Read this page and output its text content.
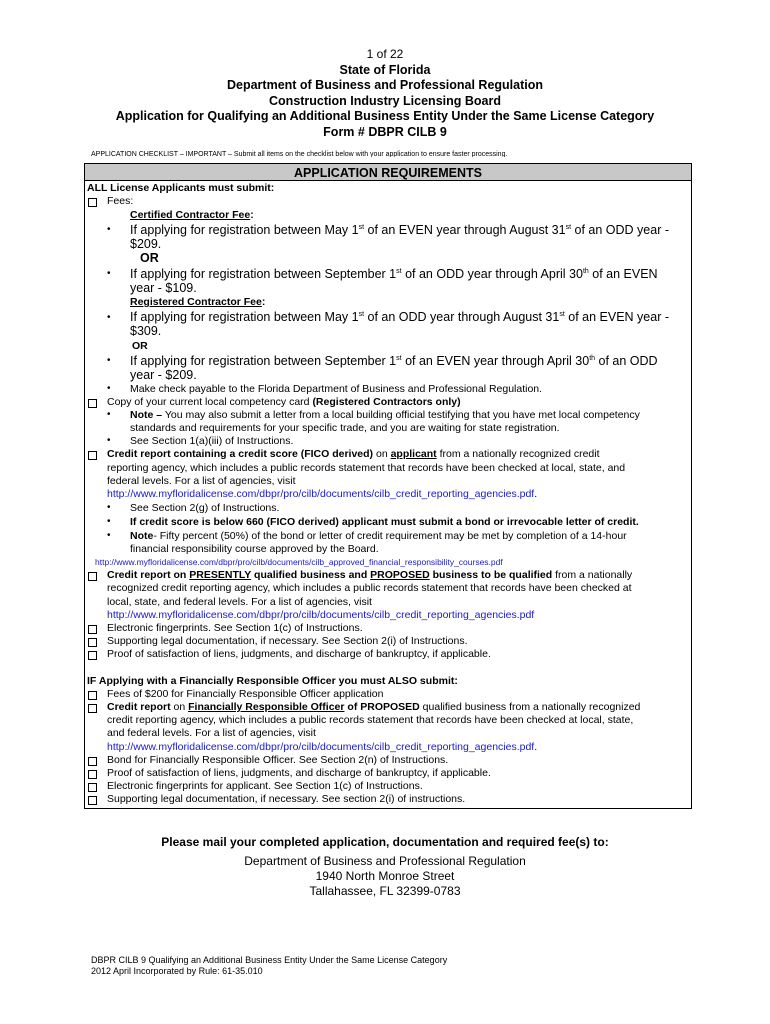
1 of 22
State of Florida
Department of Business and Professional Regulation
Construction Industry Licensing Board
Application for Qualifying an Additional Business Entity Under the Same License Category
Form # DBPR CILB 9
APPLICATION CHECKLIST – IMPORTANT – Submit all items on the checklist below with your application to ensure faster processing.
APPLICATION REQUIREMENTS
ALL License Applicants must submit:
Fees:
Certified Contractor Fee:
• If applying for registration between May 1st of an EVEN year through August 31st of an ODD year -
$209.
OR
• If applying for registration between September 1st of an ODD year through April 30th of an EVEN
year - $109.
Registered Contractor Fee:
• If applying for registration between May 1st of an ODD year through August 31st of an EVEN year -
$309.
OR
• If applying for registration between September 1st of an EVEN year through April 30th of an ODD
year - $209.
• Make check payable to the Florida Department of Business and Professional Regulation.
Copy of your current local competency card (Registered Contractors only)
• Note – You may also submit a letter from a local building official testifying that you have met local competency
standards and requirements for your specific trade, and you are waiting for state registration.
• See Section 1(a)(iii) of Instructions.
Credit report containing a credit score (FICO derived) on applicant from a nationally recognized credit
reporting agency, which includes a public records statement that records have been checked at local, state, and
federal levels. For a list of agencies, visit
http://www.myfloridalicense.com/dbpr/pro/cilb/documents/cilb_credit_reporting_agencies.pdf.
• See Section 2(g) of Instructions.
• If credit score is below 660 (FICO derived) applicant must submit a bond or irrevocable letter of credit.
• Note- Fifty percent (50%) of the bond or letter of credit requirement may be met by completion of a 14-hour
financial responsibility course approved by the Board.
http://www.myfloridalicense.com/dbpr/pro/cilb/documents/cilb_approved_financial_responsibility_courses.pdf
Credit report on PRESENTLY qualified business and PROPOSED business to be qualified from a nationally
recognized credit reporting agency, which includes a public records statement that records have been checked at
local, state, and federal levels. For a list of agencies, visit
http://www.myfloridalicense.com/dbpr/pro/cilb/documents/cilb_credit_reporting_agencies.pdf
Electronic fingerprints. See Section 1(c) of Instructions.
Supporting legal documentation, if necessary. See Section 2(i) of Instructions.
Proof of satisfaction of liens, judgments, and discharge of bankruptcy, if applicable.
IF Applying with a Financially Responsible Officer you must ALSO submit:
Fees of $200 for Financially Responsible Officer application
Credit report on Financially Responsible Officer of PROPOSED qualified business from a nationally recognized
credit reporting agency, which includes a public records statement that records have been checked at local, state,
and federal levels. For a list of agencies, visit
http://www.myfloridalicense.com/dbpr/pro/cilb/documents/cilb_credit_reporting_agencies.pdf.
Bond for Financially Responsible Officer. See Section 2(n) of Instructions.
Proof of satisfaction of liens, judgments, and discharge of bankruptcy, if applicable.
Electronic fingerprints for applicant. See Section 1(c) of Instructions.
Supporting legal documentation, if necessary. See section 2(i) of instructions.
Please mail your completed application, documentation and required fee(s) to:
Department of Business and Professional Regulation
1940 North Monroe Street
Tallahassee, FL 32399-0783
DBPR CILB 9 Qualifying an Additional Business Entity Under the Same License Category
2012 April Incorporated by Rule: 61-35.010
